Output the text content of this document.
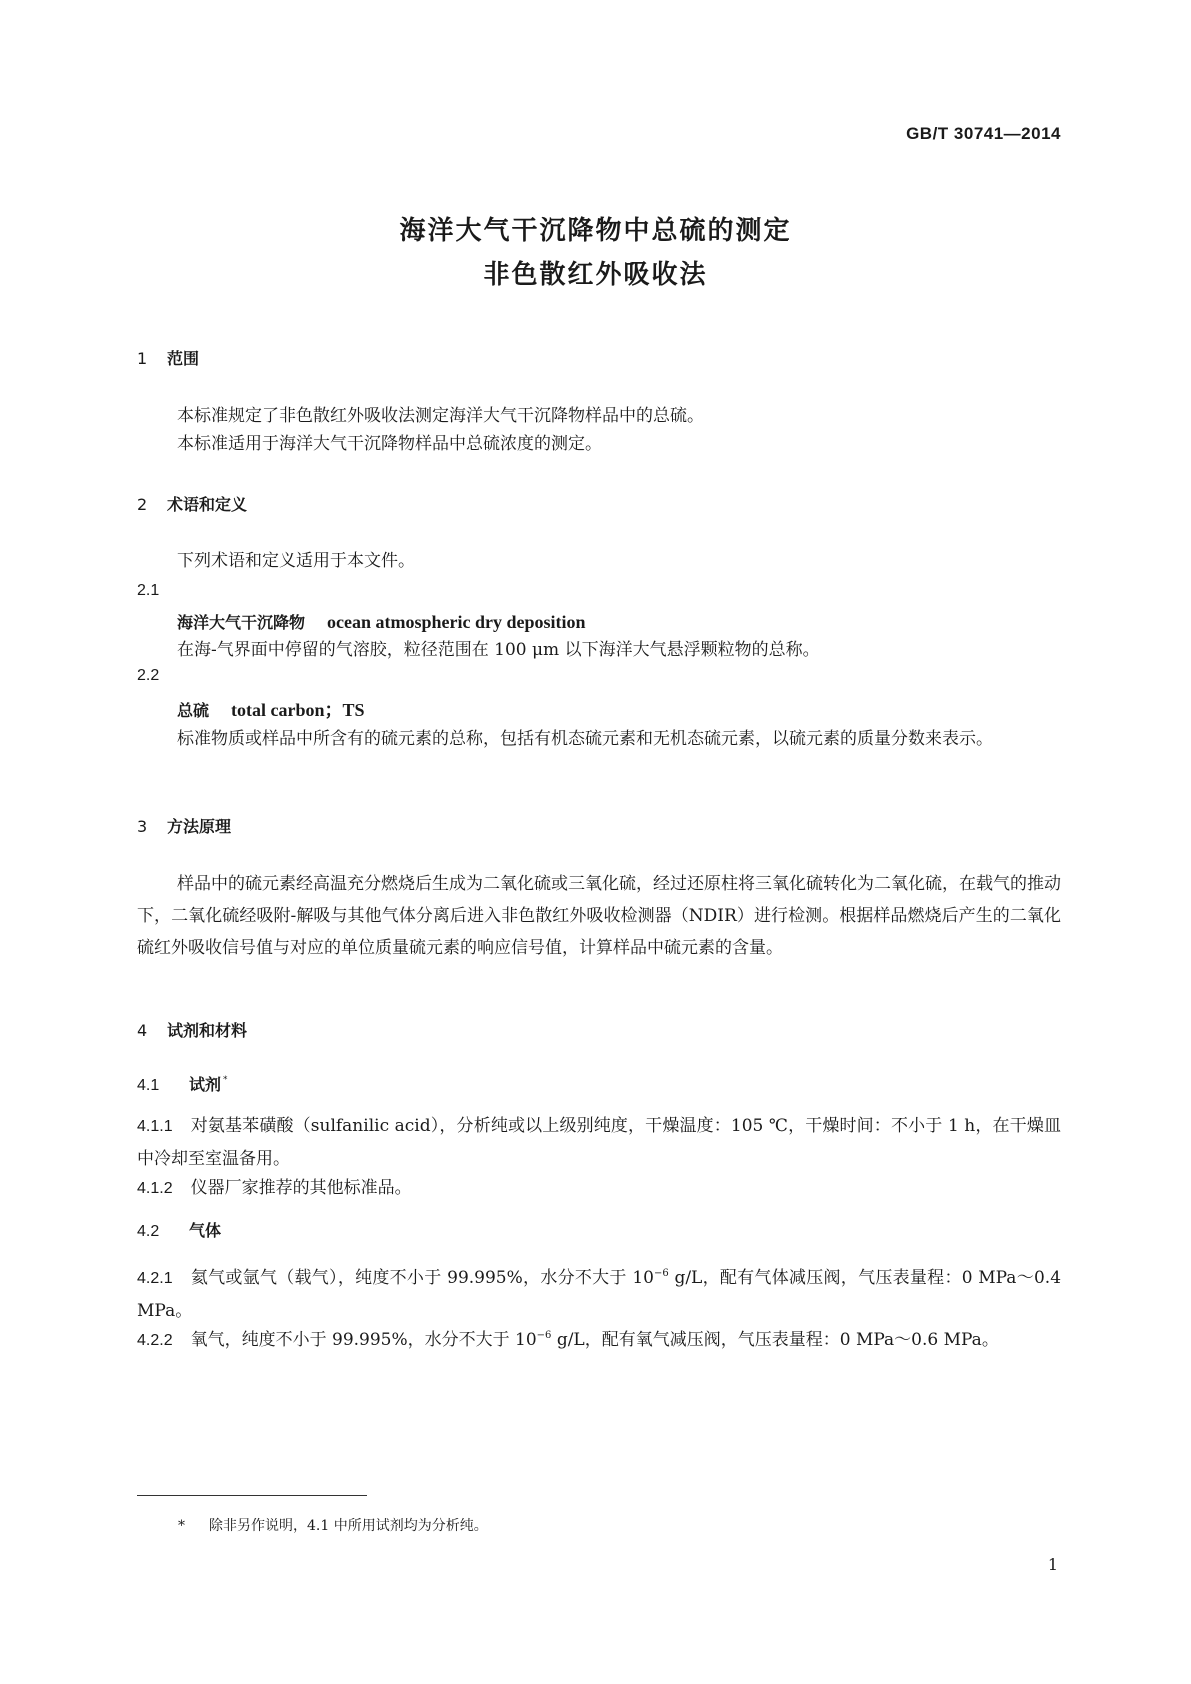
GB/T 30741—2014
海洋大气干沉降物中总硫的测定
非色散红外吸收法
1 范围
本标准规定了非色散红外吸收法测定海洋大气干沉降物样品中的总硫。
本标准适用于海洋大气干沉降物样品中总硫浓度的测定。
2 术语和定义
下列术语和定义适用于本文件。
2.1
海洋大气干沉降物 ocean atmospheric dry deposition
在海-气界面中停留的气溶胶，粒径范围在 100 μm 以下海洋大气悬浮颗粒物的总称。
2.2
总硫 total carbon；TS
标准物质或样品中所含有的硫元素的总称，包括有机态硫元素和无机态硫元素，以硫元素的质量分数来表示。
3 方法原理
样品中的硫元素经高温充分燃烧后生成为二氧化硫或三氧化硫，经过还原柱将三氧化硫转化为二氧化硫，在载气的推动下，二氧化硫经吸附-解吸与其他气体分离后进入非色散红外吸收检测器（NDIR）进行检测。根据样品燃烧后产生的二氧化硫红外吸收信号值与对应的单位质量硫元素的响应信号值，计算样品中硫元素的含量。
4 试剂和材料
4.1 试剂 *
4.1.1 对氨基苯磺酸（sulfanilic acid），分析纯或以上级别纯度，干燥温度：105 ℃，干燥时间：不小于 1 h，在干燥皿中冷却至室温备用。
4.1.2 仪器厂家推荐的其他标准品。
4.2 气体
4.2.1 氦气或氩气（载气），纯度不小于 99.995%，水分不大于 $10^{-6}$ g/L，配有气体减压阀，气压表量程：0 MPa～0.4 MPa。
4.2.2 氧气，纯度不小于 99.995%，水分不大于 $10^{-6}$ g/L，配有氧气减压阀，气压表量程：0 MPa～0.6 MPa。
* 除非另作说明，4.1 中所用试剂均为分析纯。
1
